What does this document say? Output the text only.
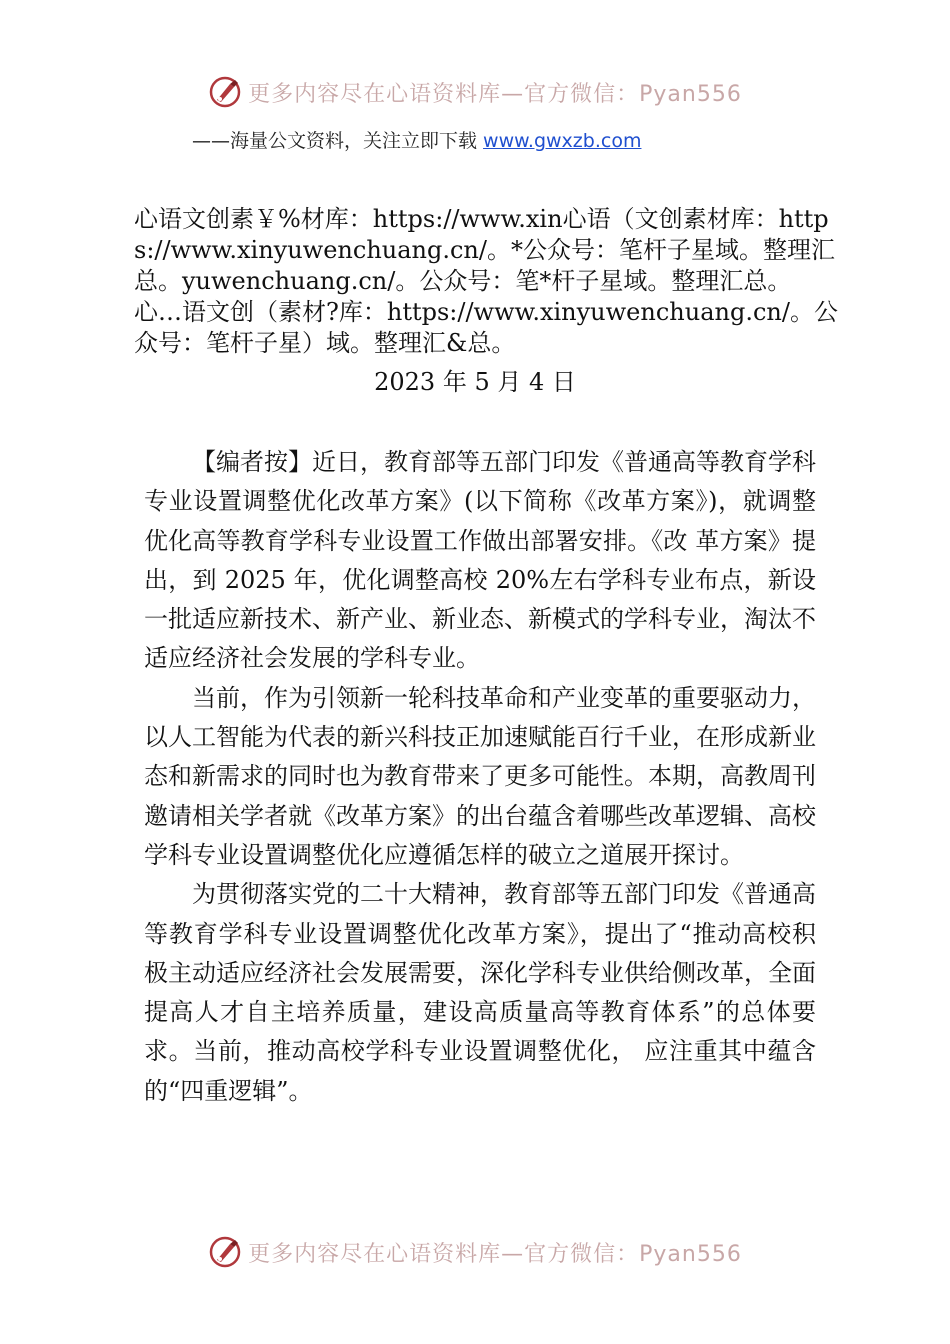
更多内容尽在心语资料库—官方微信：Pyan556
——海量公文资料，关注立即下载 www.gwxzb.com
心语文创素￥%材库：https://www.xin心语（文创素材库：https://www.xinyuwenchuang.cn/。*公众号：笔杆子星域。整理汇总。yuwenchuang.cn/。公众号：笔*杆子星域。整理汇总。心…语文创（素材?库：https://www.xinyuwenchuang.cn/。公众号：笔杆子星）域。整理汇&总。
2023 年 5 月 4 日

【编者按】近日，教育部等五部门印发《普通高等教育学科专业设置调整优化改革方案》(以下简称《改革方案》)，就调整优化高等教育学科专业设置工作做出部署安排。《改 革方案》提出，到 2025 年，优化调整高校 20%左右学科专业布点，新设一批适应新技术、新产业、新业态、新模式的学科专业，淘汰不适应经济社会发展的学科专业。

当前，作为引领新一轮科技革命和产业变革的重要驱动力，以人工智能为代表的新兴科技正加速赋能百行千业，在形成新业态和新需求的同时也为教育带来了更多可能性。本期，高教周刊邀请相关学者就《改革方案》的出台蕴含着哪些改革逻辑、高校学科专业设置调整优化应遵循怎样的破立之道展开探讨。

为贯彻落实党的二十大精神，教育部等五部门印发《普通高等教育学科专业设置调整优化改革方案》，提出了“推动高校积极主动适应经济社会发展需要，深化学科专业供给侧改革，全面提高人才自主培养质量，建设高质量高等教育体系”的总体要求。当前，推动高校学科专业设置调整优化， 应注重其中蕴含的“四重逻辑”。

更多内容尽在心语资料库—官方微信：Pyan556
